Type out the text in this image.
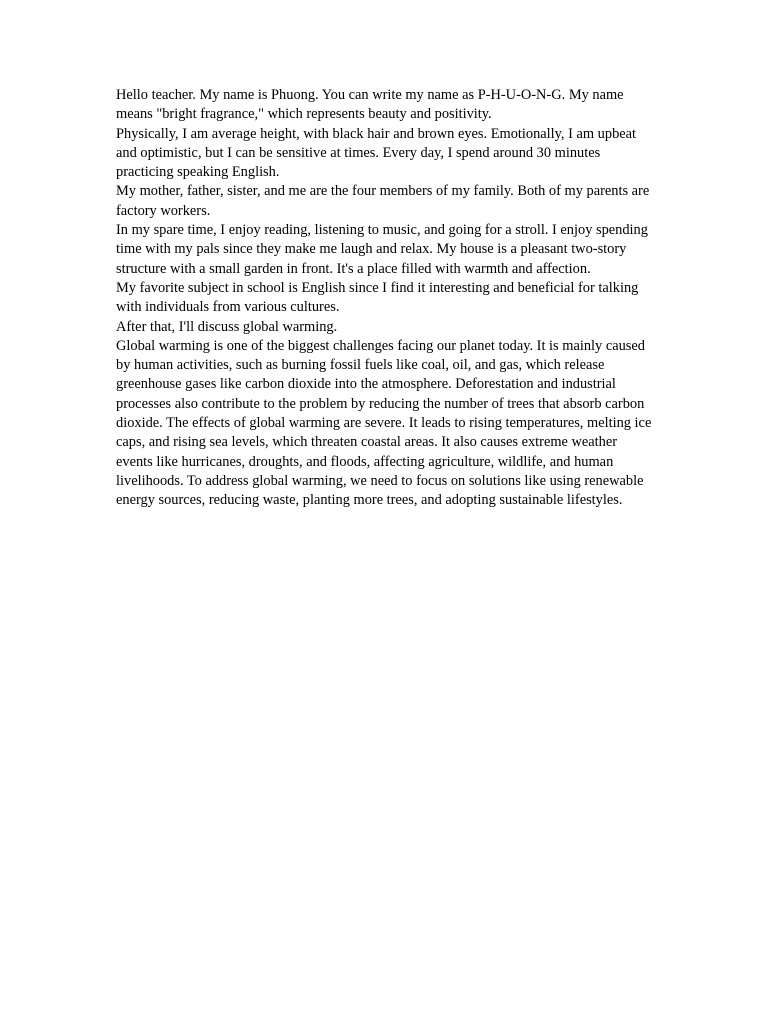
Hello teacher. My name is Phuong. You can write my name as P-H-U-O-N-G. My name means "bright fragrance," which represents beauty and positivity.

Physically, I am average height, with black hair and brown eyes. Emotionally, I am upbeat and optimistic, but I can be sensitive at times. Every day, I spend around 30 minutes practicing speaking English.

My mother, father, sister, and me are the four members of my family. Both of my parents are factory workers.

In my spare time, I enjoy reading, listening to music, and going for a stroll. I enjoy spending time with my pals since they make me laugh and relax. My house is a pleasant two-story structure with a small garden in front. It's a place filled with warmth and affection.

My favorite subject in school is English since I find it interesting and beneficial for talking with individuals from various cultures.

After that, I'll discuss global warming.

Global warming is one of the biggest challenges facing our planet today. It is mainly caused by human activities, such as burning fossil fuels like coal, oil, and gas, which release greenhouse gases like carbon dioxide into the atmosphere. Deforestation and industrial processes also contribute to the problem by reducing the number of trees that absorb carbon dioxide. The effects of global warming are severe. It leads to rising temperatures, melting ice caps, and rising sea levels, which threaten coastal areas. It also causes extreme weather events like hurricanes, droughts, and floods, affecting agriculture, wildlife, and human livelihoods. To address global warming, we need to focus on solutions like using renewable energy sources, reducing waste, planting more trees, and adopting sustainable lifestyles.
